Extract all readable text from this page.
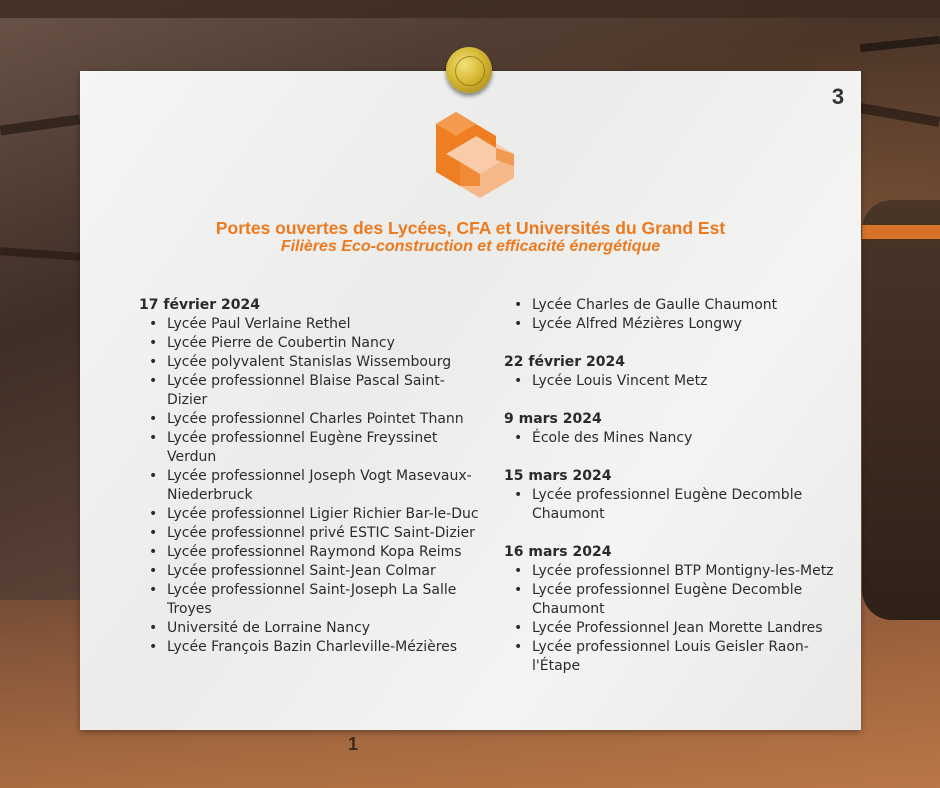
1
3
Portes ouvertes des Lycées, CFA et Universités du Grand Est
Filières Eco-construction et efficacité énergétique
17 février 2024
• Lycée Paul Verlaine Rethel
• Lycée Pierre de Coubertin Nancy
• Lycée polyvalent Stanislas Wissembourg
• Lycée professionnel Blaise Pascal Saint-Dizier
• Lycée professionnel Charles Pointet Thann
• Lycée professionnel Eugène Freyssinet Verdun
• Lycée professionnel Joseph Vogt Masevaux-Niederbruck
• Lycée professionnel Ligier Richier Bar-le-Duc
• Lycée professionnel privé ESTIC Saint-Dizier
• Lycée professionnel Raymond Kopa Reims
• Lycée professionnel Saint-Jean Colmar
• Lycée professionnel Saint-Joseph La Salle Troyes
• Université de Lorraine Nancy
• Lycée François Bazin Charleville-Mézières
• Lycée Charles de Gaulle Chaumont
• Lycée Alfred Mézières Longwy
22 février 2024
• Lycée Louis Vincent Metz
9 mars 2024
• École des Mines Nancy
15 mars 2024
• Lycée professionnel Eugène Decomble Chaumont
16 mars 2024
• Lycée professionnel BTP Montigny-les-Metz
• Lycée professionnel Eugène Decomble Chaumont
• Lycée Professionnel Jean Morette Landres
• Lycée professionnel Louis Geisler Raon-l'Étape
